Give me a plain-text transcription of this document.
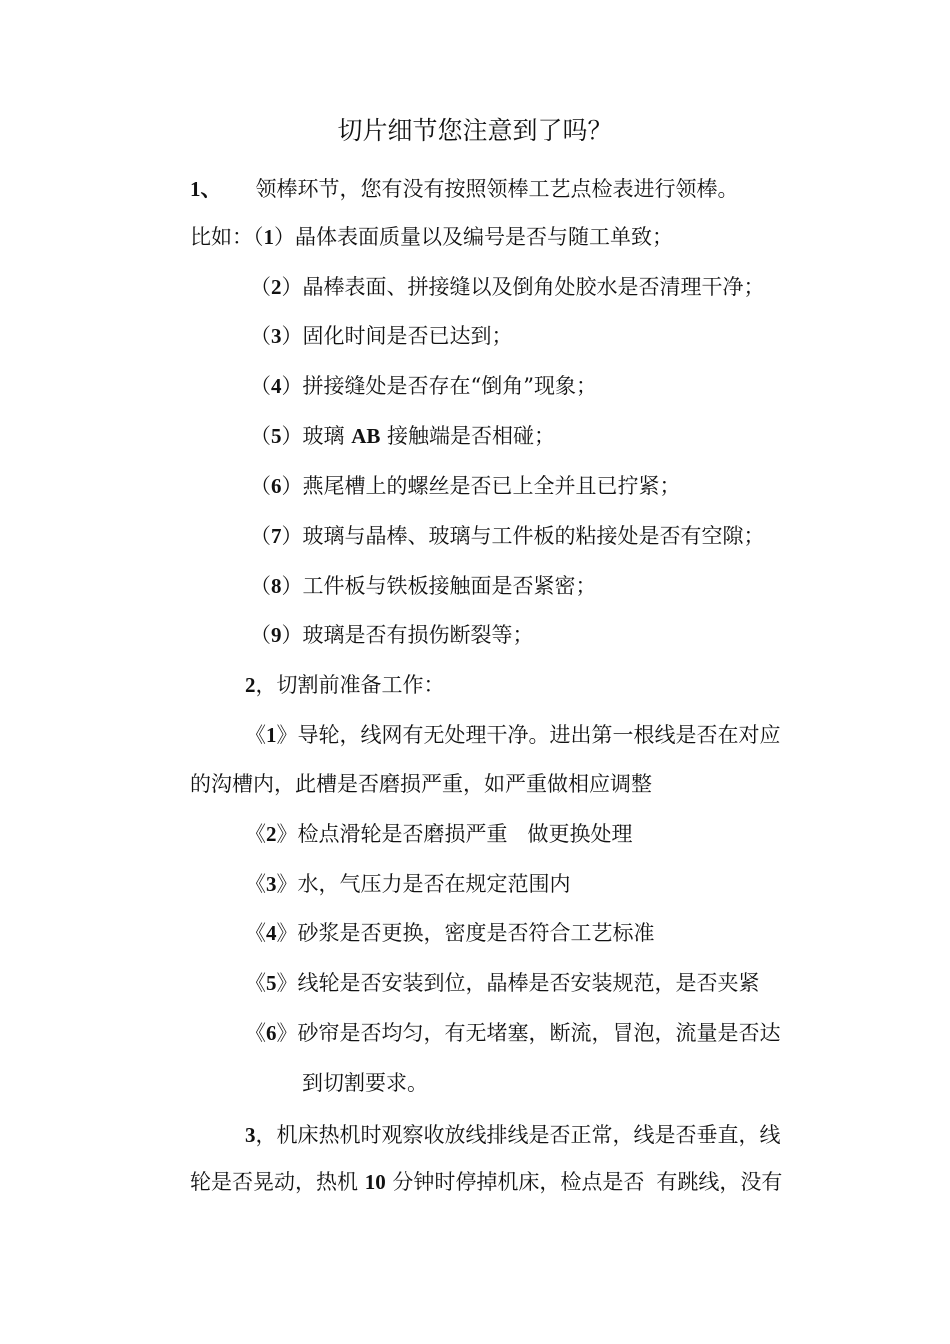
切片细节您注意到了吗？
1、 领棒环节，您有没有按照领棒工艺点检表进行领棒。
比如：（1）晶体表面质量以及编号是否与随工单致；
（2）晶棒表面、拼接缝以及倒角处胶水是否清理干净；
（3）固化时间是否已达到；
（4）拼接缝处是否存在“倒角”现象；
（5）玻璃 AB 接触端是否相碰；
（6）燕尾槽上的螺丝是否已上全并且已拧紧；
（7）玻璃与晶棒、玻璃与工件板的粘接处是否有空隙；
（8）工件板与铁板接触面是否紧密；
（9）玻璃是否有损伤断裂等；
2，切割前准备工作：
《1》导轮，线网有无处理干净。进出第一根线是否在对应
的沟槽内，此槽是否磨损严重，如严重做相应调整
《2》检点滑轮是否磨损严重 做更换处理
《3》水，气压力是否在规定范围内
《4》砂浆是否更换，密度是否符合工艺标准
《5》线轮是否安装到位，晶棒是否安装规范，是否夹紧
《6》砂帘是否均匀，有无堵塞，断流，冒泡，流量是否达
到切割要求。
3，机床热机时观察收放线排线是否正常，线是否垂直，线
轮是否晃动，热机 10 分钟时停掉机床，检点是否 有跳线，没有
